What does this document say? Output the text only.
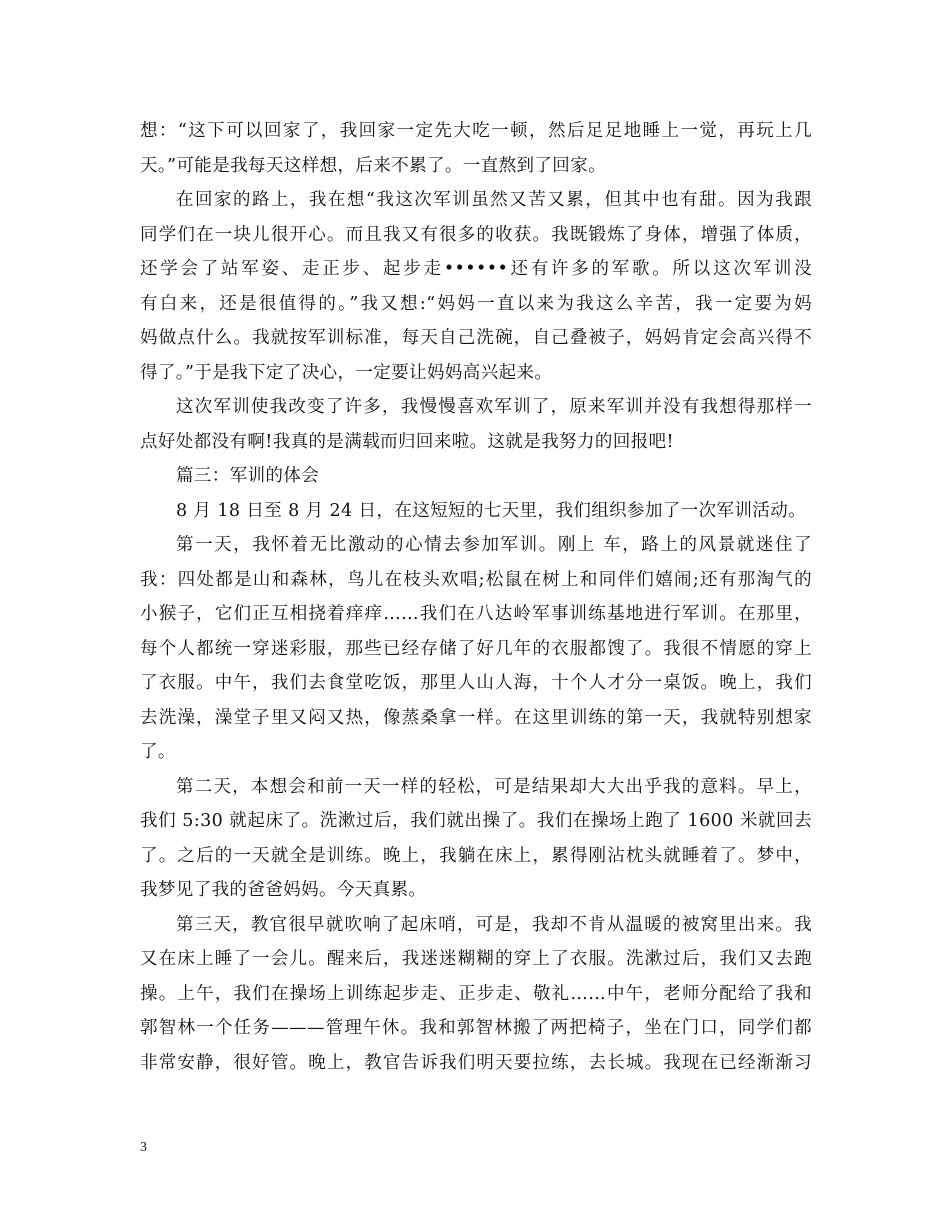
想：“这下可以回家了，我回家一定先大吃一顿，然后足足地睡上一觉，再玩上几
天。”可能是我每天这样想，后来不累了。一直熬到了回家。
在回家的路上，我在想“我这次军训虽然又苦又累，但其中也有甜。因为我跟
同学们在一块儿很开心。而且我又有很多的收获。我既锻炼了身体，增强了体质，
还学会了站军姿、走正步、起步走••••••还有许多的军歌。所以这次军训没
有白来，还是很值得的。”我又想:“妈妈一直以来为我这么辛苦，我一定要为妈
妈做点什么。我就按军训标准，每天自己洗碗，自己叠被子，妈妈肯定会高兴得不
得了。”于是我下定了决心，一定要让妈妈高兴起来。
这次军训使我改变了许多，我慢慢喜欢军训了，原来军训并没有我想得那样一
点好处都没有啊!我真的是满载而归回来啦。这就是我努力的回报吧!
篇三：军训的体会
8 月 18 日至 8 月 24 日，在这短短的七天里，我们组织参加了一次军训活动。
第一天，我怀着无比激动的心情去参加军训。刚上 车，路上的风景就迷住了
我：四处都是山和森林，鸟儿在枝头欢唱;松鼠在树上和同伴们嬉闹;还有那淘气的
小猴子，它们正互相挠着痒痒……我们在八达岭军事训练基地进行军训。在那里，
每个人都统一穿迷彩服，那些已经存储了好几年的衣服都馊了。我很不情愿的穿上
了衣服。中午，我们去食堂吃饭，那里人山人海，十个人才分一桌饭。晚上，我们
去洗澡，澡堂子里又闷又热，像蒸桑拿一样。在这里训练的第一天，我就特别想家
了。
第二天，本想会和前一天一样的轻松，可是结果却大大出乎我的意料。早上，
我们 5:30 就起床了。洗漱过后，我们就出操了。我们在操场上跑了 1600 米就回去
了。之后的一天就全是训练。晚上，我躺在床上，累得刚沾枕头就睡着了。梦中，
我梦见了我的爸爸妈妈。今天真累。
第三天，教官很早就吹响了起床哨，可是，我却不肯从温暖的被窝里出来。我
又在床上睡了一会儿。醒来后，我迷迷糊糊的穿上了衣服。洗漱过后，我们又去跑
操。上午，我们在操场上训练起步走、正步走、敬礼……中午，老师分配给了我和
郭智林一个任务———管理午休。我和郭智林搬了两把椅子，坐在门口，同学们都
非常安静，很好管。晚上，教官告诉我们明天要拉练，去长城。我现在已经渐渐习
3
